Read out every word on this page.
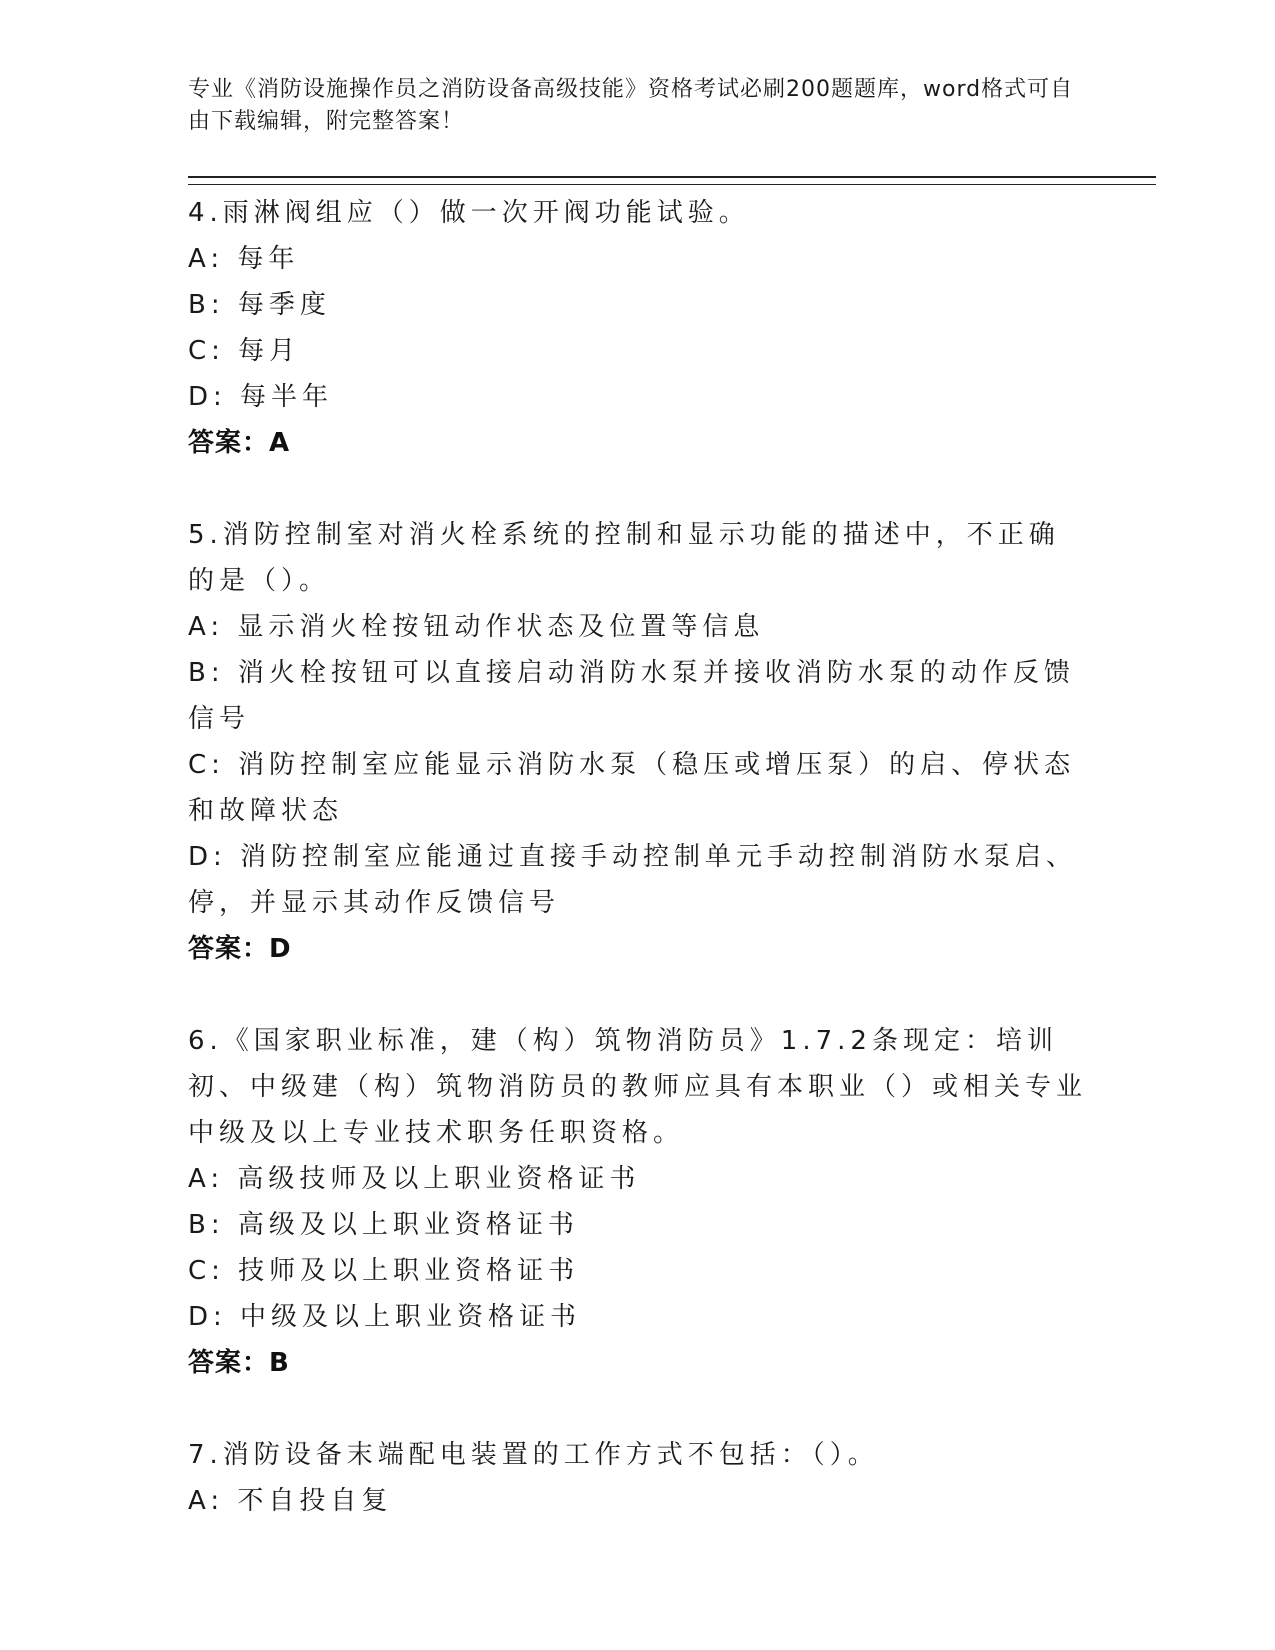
专业《消防设施操作员之消防设备高级技能》资格考试必刷200题题库，word格式可自由下载编辑，附完整答案！
4.雨淋阀组应（）做一次开阀功能试验。
A: 每年
B: 每季度
C: 每月
D: 每半年
答案：A
5.消防控制室对消火栓系统的控制和显示功能的描述中，不正确的是（）。
A: 显示消火栓按钮动作状态及位置等信息
B: 消火栓按钮可以直接启动消防水泵并接收消防水泵的动作反馈信号
C: 消防控制室应能显示消防水泵（稳压或增压泵）的启、停状态和故障状态
D: 消防控制室应能通过直接手动控制单元手动控制消防水泵启、停，并显示其动作反馈信号
答案：D
6.《国家职业标准，建（构）筑物消防员》1.7.2条现定：培训初、中级建（构）筑物消防员的教师应具有本职业（）或相关专业中级及以上专业技术职务任职资格。
A: 高级技师及以上职业资格证书
B: 高级及以上职业资格证书
C: 技师及以上职业资格证书
D: 中级及以上职业资格证书
答案：B
7.消防设备末端配电装置的工作方式不包括：（）。
A: 不自投自复
